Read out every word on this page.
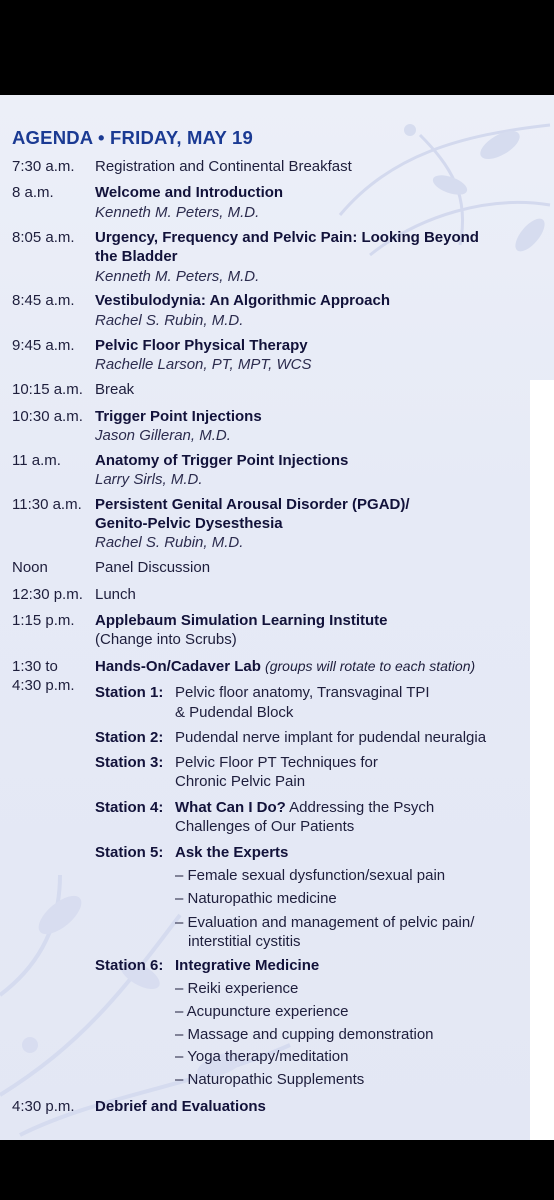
AGENDA • FRIDAY, MAY 19
7:30 a.m. Registration and Continental Breakfast
8 a.m.	Welcome and Introduction
Kenneth M. Peters, M.D.
8:05 a.m. Urgency, Frequency and Pelvic Pain: Looking Beyond
the Bladder
Kenneth M. Peters, M.D.
8:45 a.m. Vestibulodynia: An Algorithmic Approach
Rachel S. Rubin, M.D.
9:45 a.m. Pelvic Floor Physical Therapy
Rachelle Larson, PT, MPT, WCS
10:15 a.m. Break
10:30 a.m. Trigger Point Injections
Jason Gilleran, M.D.
11 a.m. Anatomy of Trigger Point Injections
Larry Sirls, M.D.
11:30 a.m. Persistent Genital Arousal Disorder (PGAD)/
Genito-Pelvic Dysesthesia
Rachel S. Rubin, M.D.
Noon	Panel Discussion
12:30 p.m. Lunch
1:15 p.m. Applebaum Simulation Learning Institute
(Change into Scrubs)
1:30 to
4:30 p.m.
Hands-On/Cadaver Lab (groups will rotate to each station)
Station 1: Pelvic floor anatomy, Transvaginal TPI
& Pudendal Block
Station 2: Pudendal nerve implant for pudendal neuralgia
Station 3: Pelvic Floor PT Techniques for
Chronic Pelvic Pain
Station 4: What Can I Do? Addressing the Psych
Challenges of Our Patients
Station 5: Ask the Experts
– Female sexual dysfunction/sexual pain
– Naturopathic medicine
– Evaluation and management of pelvic pain/
interstitial cystitis
Station 6: Integrative Medicine
– Reiki experience
– Acupuncture experience
– Massage and cupping demonstration
– Yoga therapy/meditation
– Naturopathic Supplements
4:30 p.m. Debrief and Evaluations
